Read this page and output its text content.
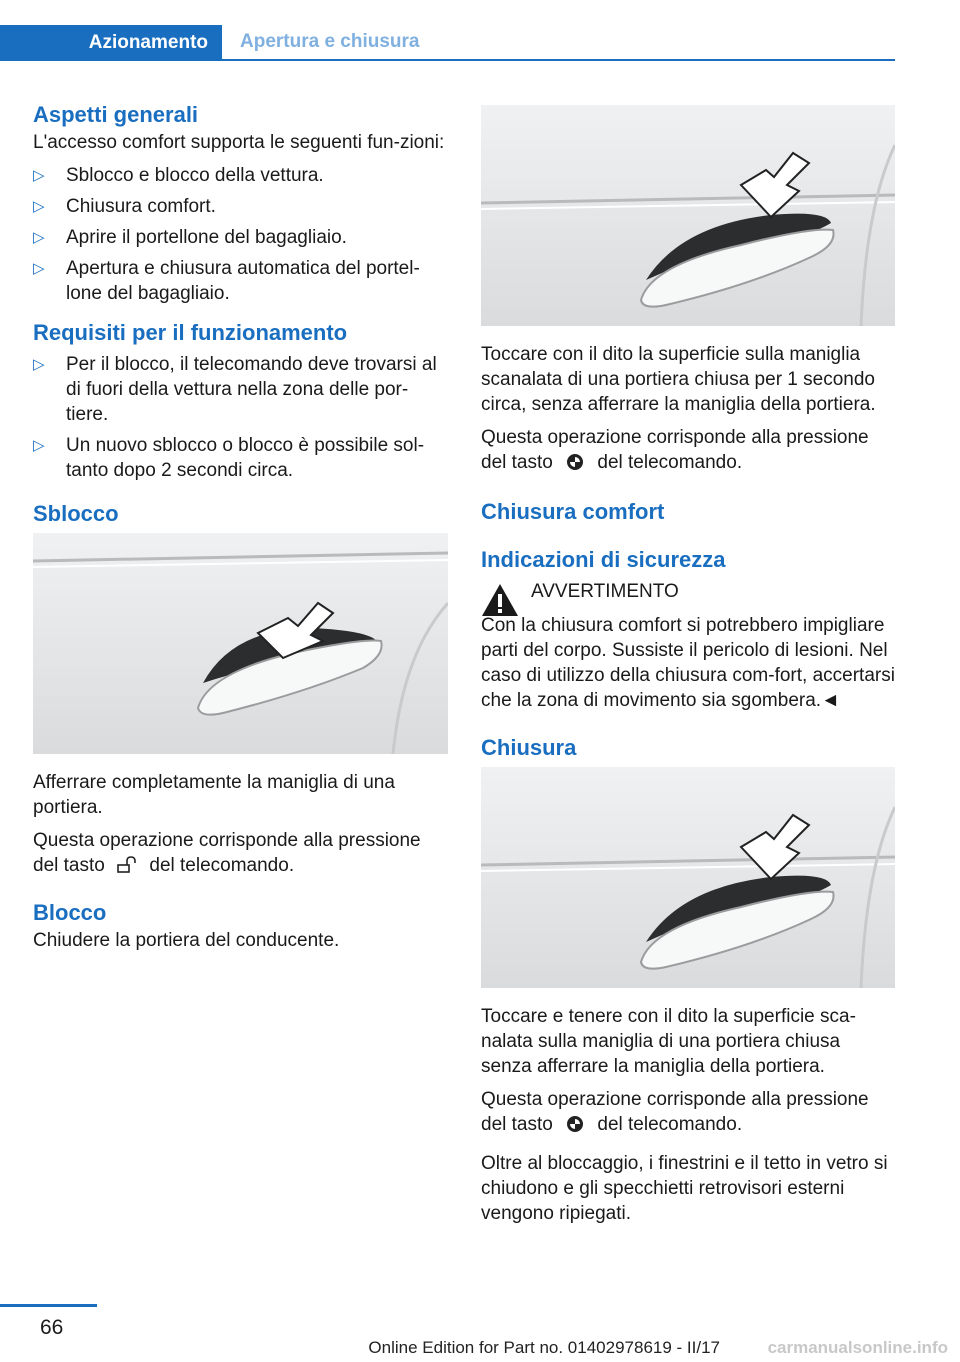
Azionamento	Apertura e chiusura
Aspetti generali

L'accesso comfort supporta le seguenti fun-zioni:

▷ Sblocco e blocco della vettura.
▷ Chiusura comfort.
▷ Aprire il portellone del bagagliaio.
▷ Apertura e chiusura automatica del portel-lone del bagagliaio.
Requisiti per il funzionamento
▷ Per il blocco, il telecomando deve trovarsi al di fuori della vettura nella zona delle por-tiere.
▷ Un nuovo sblocco o blocco è possibile sol-tanto dopo 2 secondi circa.
Sblocco

Afferrare completamente la maniglia di una portiera.

Questa operazione corrisponde alla pressione del tasto del telecomando.

Blocco

Chiudere la portiera del conducente.

Toccare con il dito la superficie sulla maniglia scanalata di una portiera chiusa per 1 secondo circa, senza afferrare la maniglia della portiera.

Questa operazione corrisponde alla pressione del tasto del telecomando.

Chiusura comfort
Indicazioni di sicurezza
AVVERTIMENTO

Con la chiusura comfort si potrebbero impigliare parti del corpo. Sussiste il pericolo di lesioni. Nel caso di utilizzo della chiusura com-fort, accertarsi che la zona di movimento sia sgombera.◄

Chiusura

Toccare e tenere con il dito la superficie sca-nalata sulla maniglia di una portiera chiusa senza afferrare la maniglia della portiera.

Questa operazione corrisponde alla pressione del tasto del telecomando.

Oltre al bloccaggio, i finestrini e il tetto in vetro si chiudono e gli specchietti retrovisori esterni vengono ripiegati.

66
Online Edition for Part no. 01402978619 - II/17	carmanualsonline.info
